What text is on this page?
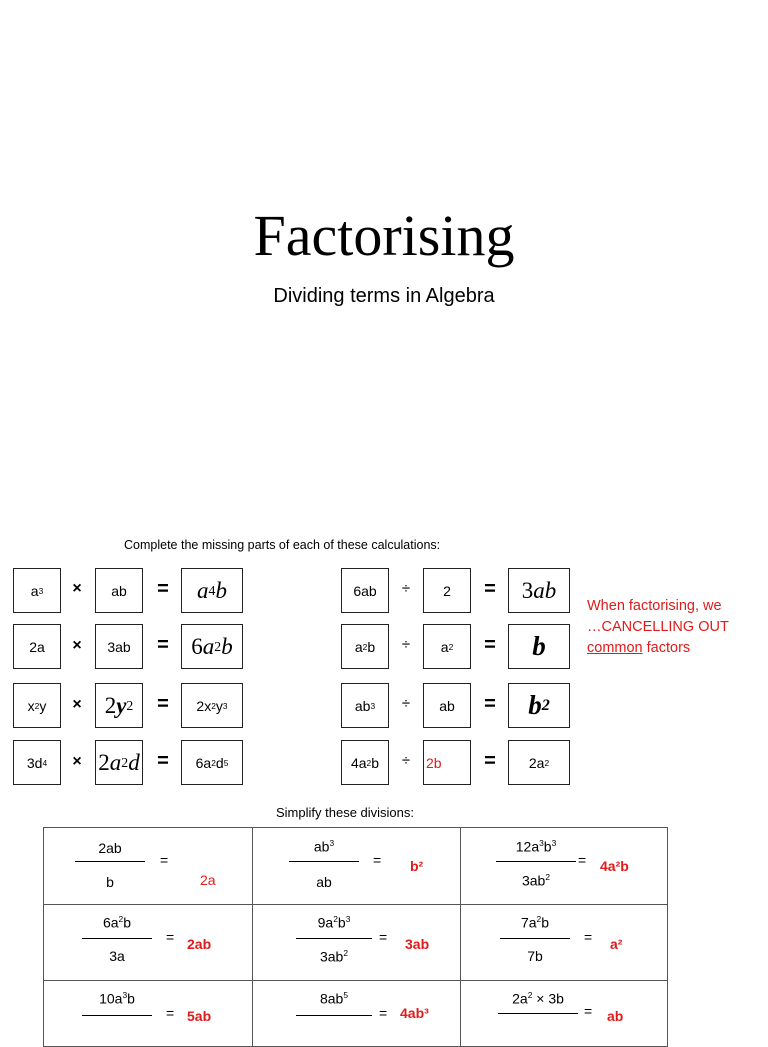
Factorising
Dividing terms in Algebra
Complete the missing parts of each of these calculations:
a 3	×	ab	= a 4 b
2a	×	3ab	= 6 a 2 b
x 2 y	×	2 y 2 =	2x 2 y 3
3d 4	× 2 a 2 d =	6a 2 d 5
6ab	÷	2	=	3 ab
a 2 b	÷	a 2 =	b
ab 3	÷	ab	=	b 2
4a 2 b	÷	2b	=	2a 2
When factorising, we
…CANCELLING OUT
common factors
Simplify these divisions:
2ab
b
=
2a
$ab^3$
ab
= b²
$12a^3b^3$
$3ab^2$
= 4a²b
$6a^2b$
3a
= 2ab
$9a^2b^3$
$3ab^2$
= 3ab
$7a^2b$
7b
= a²
$10a^3b$
= 5ab
$8ab^5$
= 4ab³
$2a^2 \times 3b$
= ab
